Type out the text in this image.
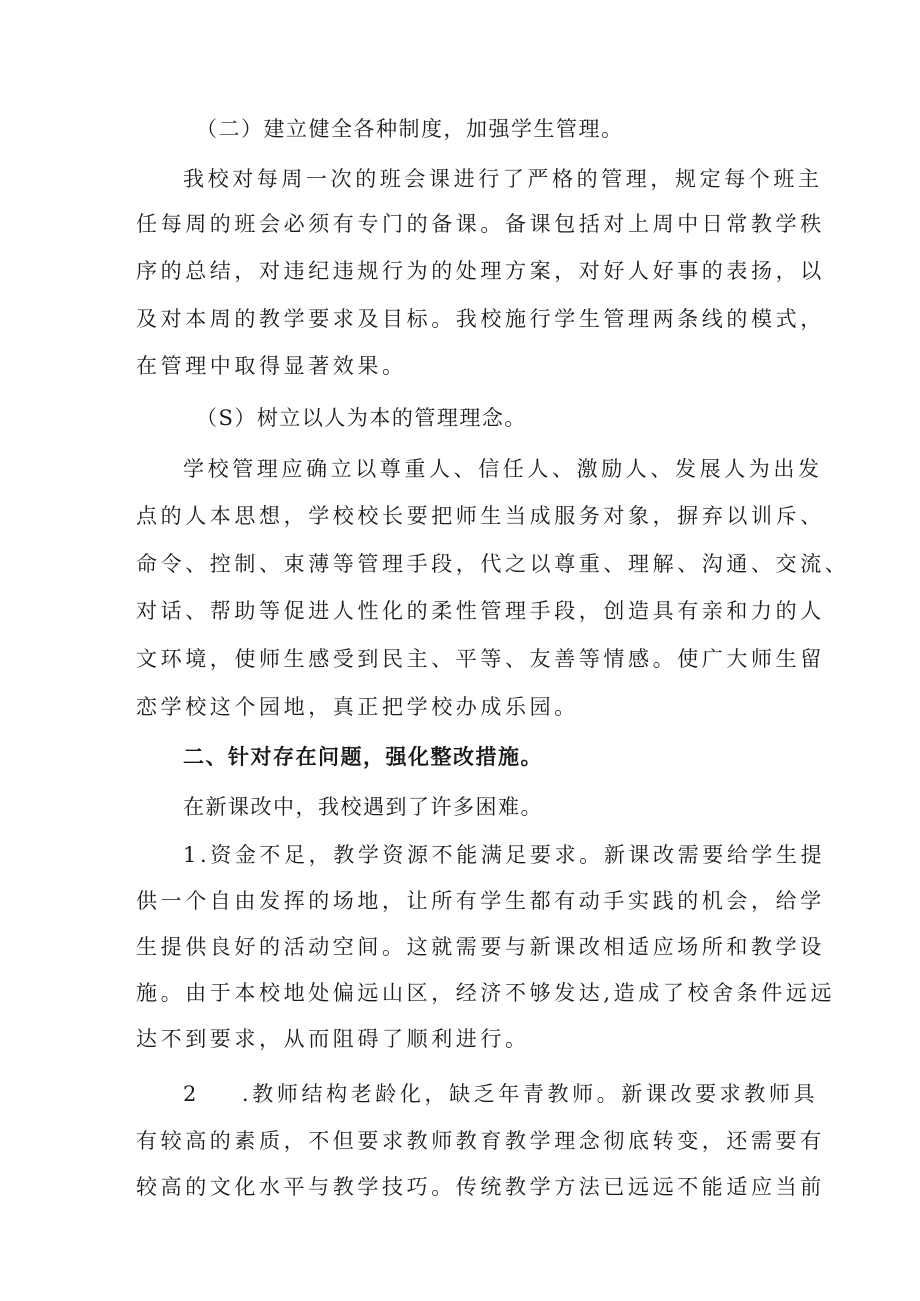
（二）建立健全各种制度，加强学生管理。
我校对每周一次的班会课进行了严格的管理，规定每个班主
任每周的班会必须有专门的备课。备课包括对上周中日常教学秩
序的总结，对违纪违规行为的处理方案，对好人好事的表扬，以
及对本周的教学要求及目标。我校施行学生管理两条线的模式，
在管理中取得显著效果。
（S）树立以人为本的管理理念。
学校管理应确立以尊重人、信任人、激励人、发展人为出发
点的人本思想，学校校长要把师生当成服务对象，摒弃以训斥、
命令、控制、束薄等管理手段，代之以尊重、理解、沟通、交流、
对话、帮助等促进人性化的柔性管理手段，创造具有亲和力的人
文环境，使师生感受到民主、平等、友善等情感。使广大师生留
恋学校这个园地，真正把学校办成乐园。
二、针对存在问题，强化整改措施。
在新课改中，我校遇到了许多困难。
1.资金不足，教学资源不能满足要求。新课改需要给学生提
供一个自由发挥的场地，让所有学生都有动手实践的机会，给学
生提供良好的活动空间。这就需要与新课改相适应场所和教学设
施。由于本校地处偏远山区，经济不够发达,造成了校舍条件远远
达不到要求，从而阻碍了顺利进行。
2 .教师结构老龄化，缺乏年青教师。新课改要求教师具
有较高的素质，不但要求教师教育教学理念彻底转变，还需要有
较高的文化水平与教学技巧。传统教学方法已远远不能适应当前
